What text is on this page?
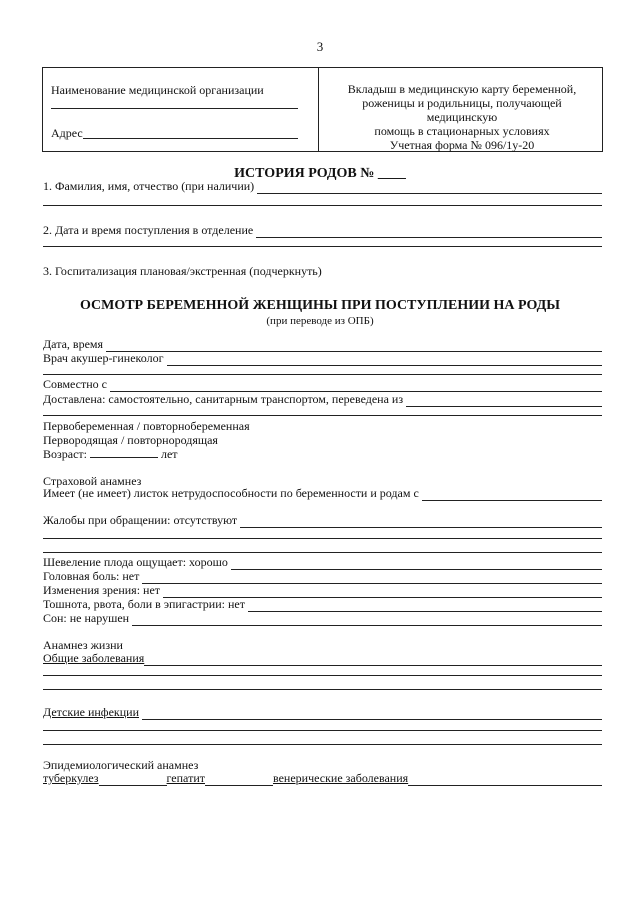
3
Наименование медицинской организации
Адрес
Вкладыш в медицинскую карту беременной,
роженицы и родильницы, получающей медицинскую
помощь в стационарных условиях
Учетная форма № 096/1у-20
ИСТОРИЯ РОДОВ № ____
1. Фамилия, имя, отчество (при наличии)
2. Дата и время поступления в отделение
3. Госпитализация плановая/экстренная (подчеркнуть)
ОСМОТР БЕРЕМЕННОЙ ЖЕНЩИНЫ ПРИ ПОСТУПЛЕНИИ НА РОДЫ
(при переводе из ОПБ)
Дата, время
Врач акушер-гинеколог
Совместно с
Доставлена: самостоятельно, санитарным транспортом, переведена из
Первобеременная / повторнобеременная
Первородящая / повторнородящая
Возраст:	лет
Страховой анамнез
Имеет (не имеет) листок нетрудоспособности по беременности и родам с
Жалобы при обращении: отсутствуют
Шевеление плода ощущает: хорошо
Головная боль: нет
Изменения зрения: нет
Тошнота, рвота, боли в эпигастрии: нет
Сон: не нарушен
Анамнез жизни
Общие заболевания
Детские инфекции
Эпидемиологический анамнез
туберкулез	гепатит	венерические заболевания
